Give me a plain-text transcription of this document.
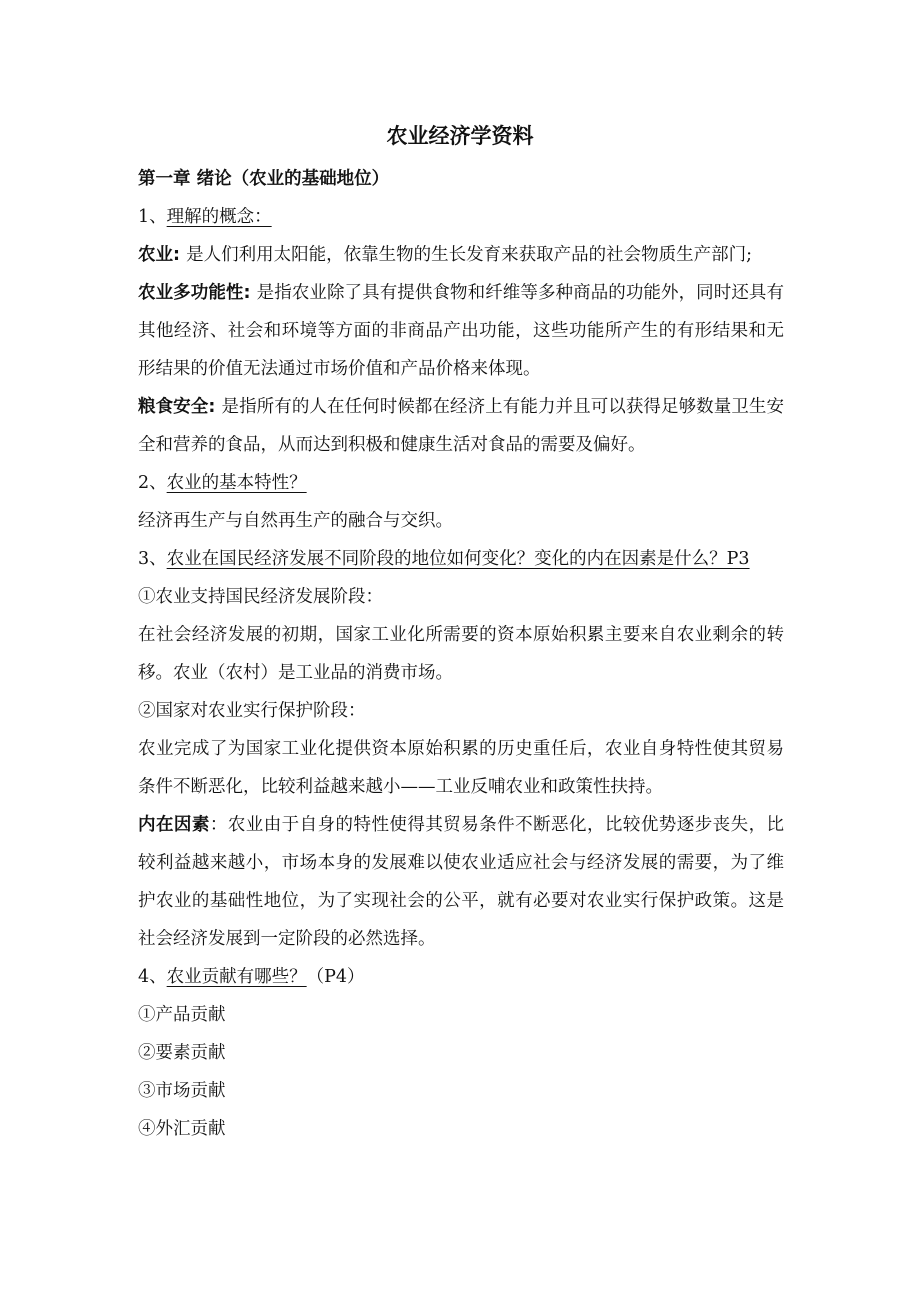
农业经济学资料

第一章 绪论（农业的基础地位）

1、理解的概念：

农业: 是人们利用太阳能，依靠生物的生长发育来获取产品的社会物质生产部门;

农业多功能性: 是指农业除了具有提供食物和纤维等多种商品的功能外，同时还具有其他经济、社会和环境等方面的非商品产出功能，这些功能所产生的有形结果和无形结果的价值无法通过市场价值和产品价格来体现。

粮食安全: 是指所有的人在任何时候都在经济上有能力并且可以获得足够数量卫生安全和营养的食品，从而达到积极和健康生活对食品的需要及偏好。

2、农业的基本特性？

经济再生产与自然再生产的融合与交织。

3、农业在国民经济发展不同阶段的地位如何变化？变化的内在因素是什么？P3

①农业支持国民经济发展阶段：

在社会经济发展的初期，国家工业化所需要的资本原始积累主要来自农业剩余的转移。农业（农村）是工业品的消费市场。

②国家对农业实行保护阶段：

农业完成了为国家工业化提供资本原始积累的历史重任后，农业自身特性使其贸易条件不断恶化，比较利益越来越小——工业反哺农业和政策性扶持。

内在因素：农业由于自身的特性使得其贸易条件不断恶化，比较优势逐步丧失，比较利益越来越小，市场本身的发展难以使农业适应社会与经济发展的需要，为了维护农业的基础性地位，为了实现社会的公平，就有必要对农业实行保护政策。这是社会经济发展到一定阶段的必然选择。

4、农业贡献有哪些？（P4）

①产品贡献

②要素贡献

③市场贡献

④外汇贡献
